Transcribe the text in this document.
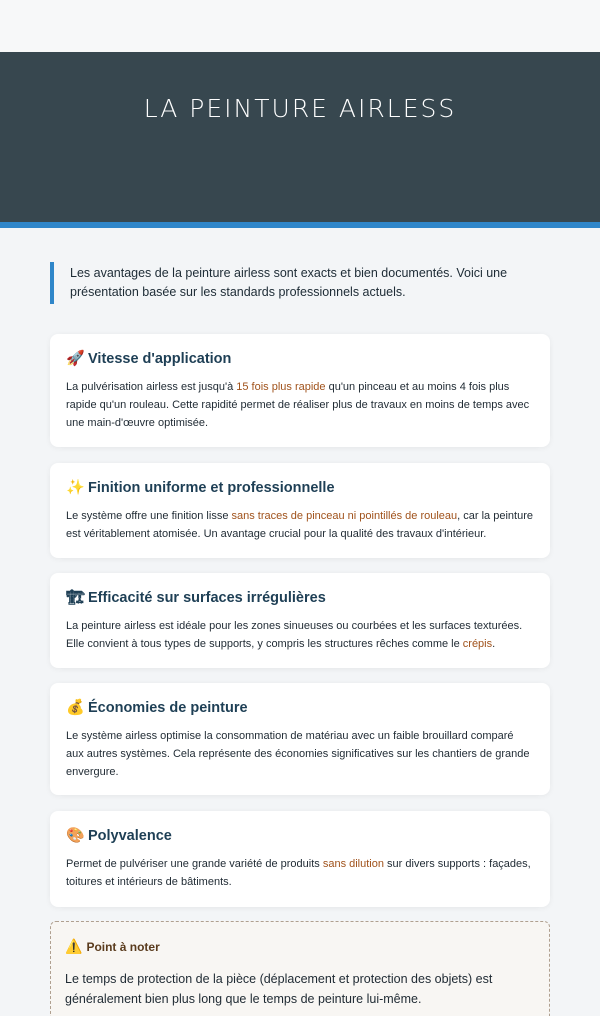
LA PEINTURE AIRLESS

Les avantages de la peinture airless sont exacts et bien documentés. Voici une présentation basée sur les standards professionnels actuels.

🚀 Vitesse d'application

La pulvérisation airless est jusqu'à 15 fois plus rapide qu'un pinceau et au moins 4 fois plus rapide qu'un rouleau. Cette rapidité permet de réaliser plus de travaux en moins de temps avec une main-d'œuvre optimisée.

✨ Finition uniforme et professionnelle

Le système offre une finition lisse sans traces de pinceau ni pointillés de rouleau, car la peinture est véritablement atomisée. Un avantage crucial pour la qualité des travaux d'intérieur.

🏗 Efficacité sur surfaces irrégulières

La peinture airless est idéale pour les zones sinueuses ou courbées et les surfaces texturées. Elle convient à tous types de supports, y compris les structures rêches comme le crépis.

💰 Économies de peinture

Le système airless optimise la consommation de matériau avec un faible brouillard comparé aux autres systèmes. Cela représente des économies significatives sur les chantiers de grande envergure.

🎨 Polyvalence

Permet de pulvériser une grande variété de produits sans dilution sur divers supports : façades, toitures et intérieurs de bâtiments.

⚠️ Point à noter

Le temps de protection de la pièce (déplacement et protection des objets) est généralement bien plus long que le temps de peinture lui-même.
